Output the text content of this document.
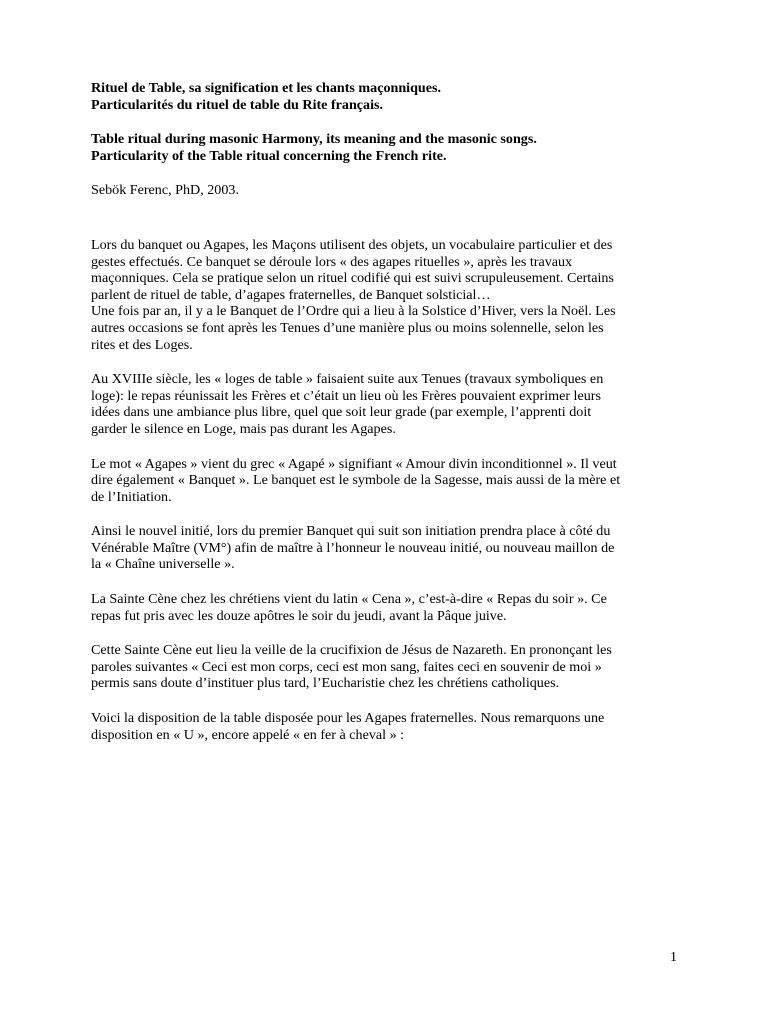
Rituel de Table, sa signification et les chants maçonniques.
Particularités du rituel de table du Rite français.
Table ritual during masonic Harmony, its meaning and the masonic songs.
Particularity of the Table ritual concerning the French rite.
Sebök Ferenc, PhD, 2003.
Lors du banquet ou Agapes, les Maçons utilisent des objets, un vocabulaire particulier et des
gestes effectués. Ce banquet se déroule lors « des agapes rituelles », après les travaux
maçonniques. Cela se pratique selon un rituel codifié qui est suivi scrupuleusement. Certains
parlent de rituel de table, d’agapes fraternelles, de Banquet solsticial…
Une fois par an, il y a le Banquet de l’Ordre qui a lieu à la Solstice d’Hiver, vers la Noël. Les
autres occasions se font après les Tenues d’une manière plus ou moins solennelle, selon les
rites et des Loges.
Au XVIIIe siècle, les « loges de table » faisaient suite aux Tenues (travaux symboliques en
loge): le repas réunissait les Frères et c’était un lieu où les Frères pouvaient exprimer leurs
idées dans une ambiance plus libre, quel que soit leur grade (par exemple, l’apprenti doit
garder le silence en Loge, mais pas durant les Agapes.
Le mot « Agapes » vient du grec « Agapé » signifiant « Amour divin inconditionnel ». Il veut
dire également « Banquet ». Le banquet est le symbole de la Sagesse, mais aussi de la mère et
de l’Initiation.
Ainsi le nouvel initié, lors du premier Banquet qui suit son initiation prendra place à côté du
Vénérable Maître (VM°) afin de maître à l’honneur le nouveau initié, ou nouveau maillon de
la « Chaîne universelle ».
La Sainte Cène chez les chrétiens vient du latin « Cena », c’est-à-dire « Repas du soir ». Ce
repas fut pris avec les douze apôtres le soir du jeudi, avant la Pâque juive.
Cette Sainte Cène eut lieu la veille de la crucifixion de Jésus de Nazareth. En prononçant les
paroles suivantes « Ceci est mon corps, ceci est mon sang, faites ceci en souvenir de moi »
permis sans doute d’instituer plus tard, l’Eucharistie chez les chrétiens catholiques.
Voici la disposition de la table disposée pour les Agapes fraternelles. Nous remarquons une
disposition en « U », encore appelé « en fer à cheval » :
1
